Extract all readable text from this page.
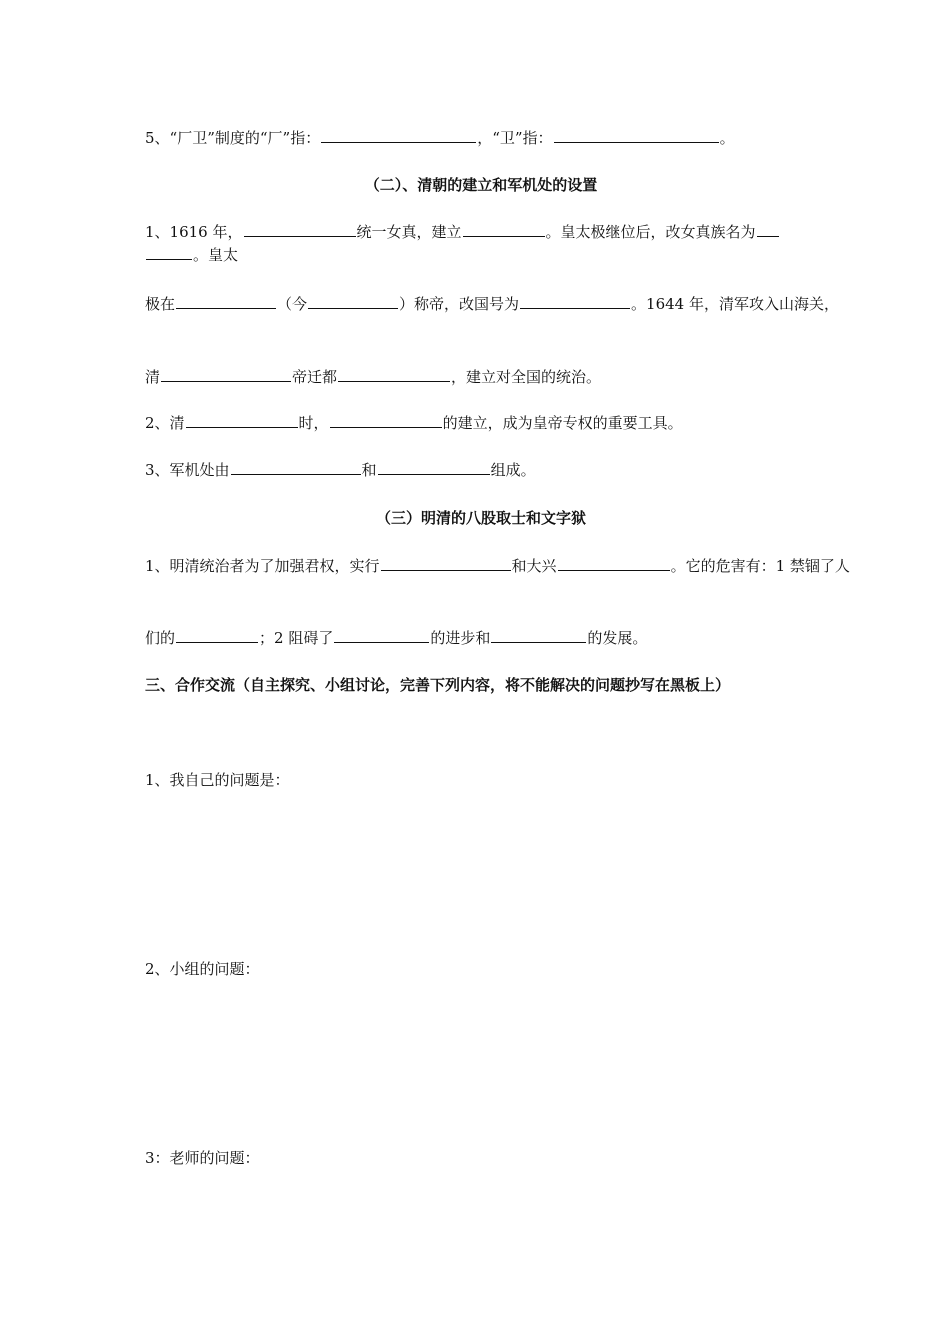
5、“厂卫”制度的“厂”指：	，“卫”指：	。
（二）、清朝的建立和军机处的设置
1、1616 年，	统一女真，建立	。皇太极继位后，改女真族名为
。皇太
极在	（今	）称帝，改国号为	。1644 年，清军攻入山海关，
清	帝迁都	，建立对全国的统治。
2、清	时，	的建立，成为皇帝专权的重要工具。
3、军机处由	和	组成。
（三）明清的八股取士和文字狱
1、明清统治者为了加强君权，实行	和大兴	。它的危害有：1 禁锢了人
们的	；2 阻碍了	的进步和	的发展。
三、合作交流（自主探究、小组讨论，完善下列内容，将不能解决的问题抄写在黑板上）
1、我自己的问题是：
2、小组的问题：
3：老师的问题：
